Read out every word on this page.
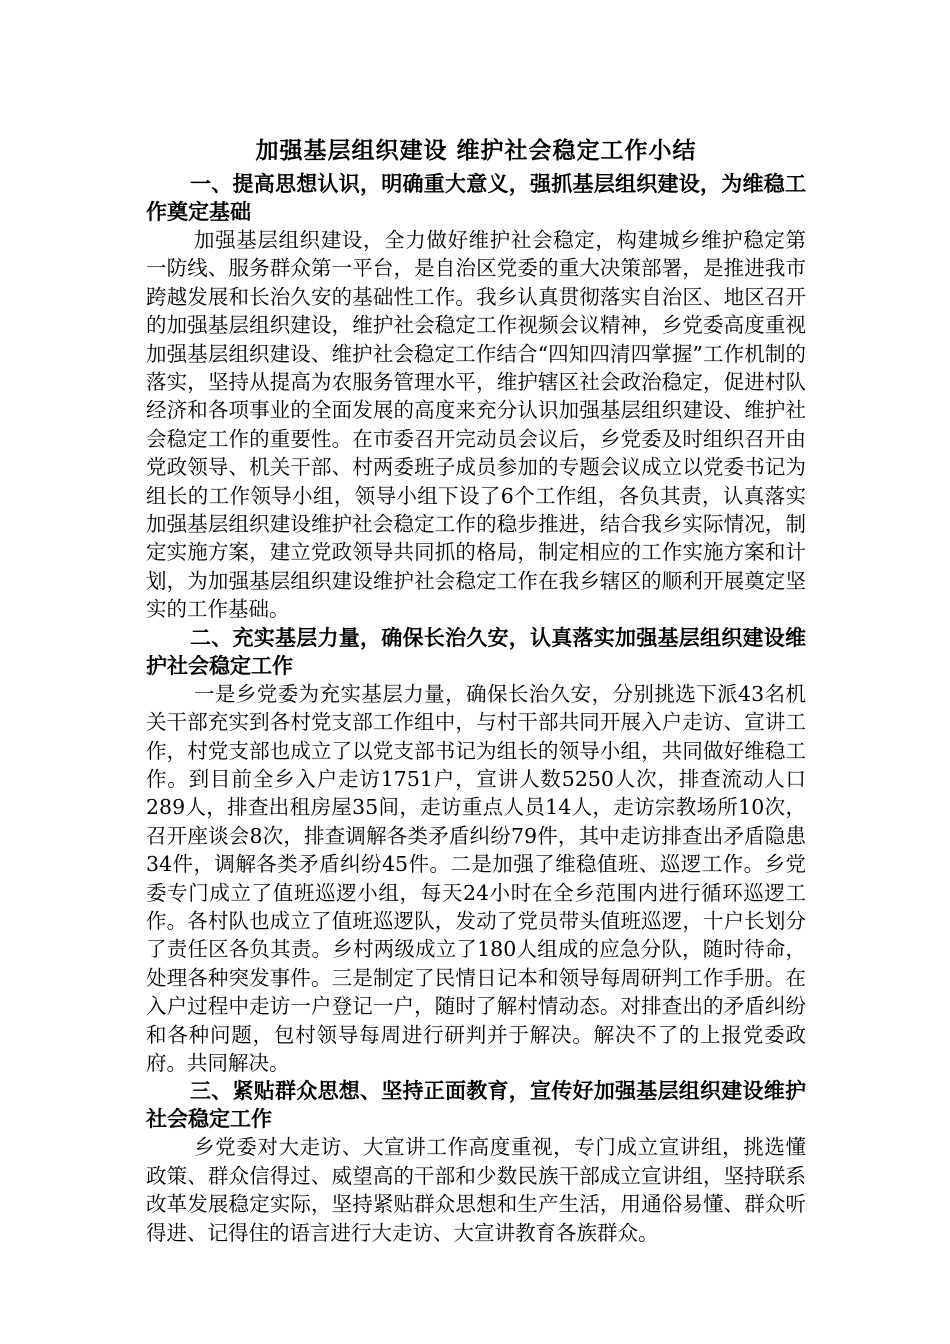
加强基层组织建设 维护社会稳定工作小结

一、提高思想认识，明确重大意义，强抓基层组织建设，为维稳工作奠定基础

加强基层组织建设，全力做好维护社会稳定，构建城乡维护稳定第一防线、服务群众第一平台，是自治区党委的重大决策部署，是推进我市跨越发展和长治久安的基础性工作。我乡认真贯彻落实自治区、地区召开的加强基层组织建设，维护社会稳定工作视频会议精神，乡党委高度重视加强基层组织建设、维护社会稳定工作结合“四知四清四掌握”工作机制的落实，坚持从提高为农服务管理水平，维护辖区社会政治稳定，促进村队经济和各项事业的全面发展的高度来充分认识加强基层组织建设、维护社会稳定工作的重要性。在市委召开完动员会议后，乡党委及时组织召开由党政领导、机关干部、村两委班子成员参加的专题会议成立以党委书记为组长的工作领导小组，领导小组下设了6个工作组，各负其责，认真落实加强基层组织建设维护社会稳定工作的稳步推进，结合我乡实际情况，制定实施方案，建立党政领导共同抓的格局，制定相应的工作实施方案和计划，为加强基层组织建设维护社会稳定工作在我乡辖区的顺利开展奠定坚实的工作基础。

二、充实基层力量，确保长治久安，认真落实加强基层组织建设维护社会稳定工作

一是乡党委为充实基层力量，确保长治久安，分别挑选下派43名机关干部充实到各村党支部工作组中，与村干部共同开展入户走访、宣讲工作，村党支部也成立了以党支部书记为组长的领导小组，共同做好维稳工作。到目前全乡入户走访1751户，宣讲人数5250人次，排查流动人口289人，排查出租房屋35间，走访重点人员14人，走访宗教场所10次，召开座谈会8次，排查调解各类矛盾纠纷79件，其中走访排查出矛盾隐患34件，调解各类矛盾纠纷45件。二是加强了维稳值班、巡逻工作。乡党委专门成立了值班巡逻小组，每天24小时在全乡范围内进行循环巡逻工作。各村队也成立了值班巡逻队，发动了党员带头值班巡逻，十户长划分了责任区各负其责。乡村两级成立了180人组成的应急分队，随时待命，处理各种突发事件。三是制定了民情日记本和领导每周研判工作手册。在入户过程中走访一户登记一户，随时了解村情动态。对排查出的矛盾纠纷和各种问题，包村领导每周进行研判并于解决。解决不了的上报党委政府。共同解决。

三、紧贴群众思想、坚持正面教育，宣传好加强基层组织建设维护社会稳定工作

乡党委对大走访、大宣讲工作高度重视，专门成立宣讲组，挑选懂政策、群众信得过、威望高的干部和少数民族干部成立宣讲组，坚持联系改革发展稳定实际，坚持紧贴群众思想和生产生活，用通俗易懂、群众听得进、记得住的语言进行大走访、大宣讲教育各族群众。
